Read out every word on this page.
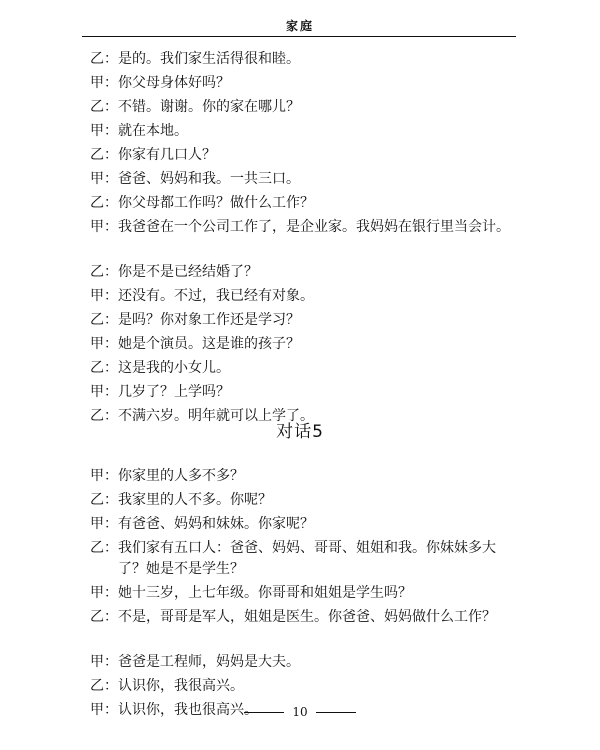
家庭
乙： 是的。我们家生活得很和睦。
甲： 你父母身体好吗？
乙： 不错。谢谢。你的家在哪儿？
甲： 就在本地。
乙： 你家有几口人？
甲： 爸爸、妈妈和我。一共三口。
乙： 你父母都工作吗？做什么工作？
甲： 我爸爸在一个公司工作了，是企业家。我妈妈在银行里当会计。
乙： 你是不是已经结婚了？
甲： 还没有。不过，我已经有对象。
乙： 是吗？你对象工作还是学习？
甲： 她是个演员。这是谁的孩子？
乙： 这是我的小女儿。
甲： 几岁了？上学吗？
乙： 不满六岁。明年就可以上学了。
对话5
甲： 你家里的人多不多？
乙： 我家里的人不多。你呢？
甲： 有爸爸、妈妈和妹妹。你家呢？
乙： 我们家有五口人：爸爸、妈妈、哥哥、姐姐和我。你妹妹多大了？她是不是学生？
甲： 她十三岁，上七年级。你哥哥和姐姐是学生吗？
乙： 不是，哥哥是军人，姐姐是医生。你爸爸、妈妈做什么工作？
甲： 爸爸是工程师，妈妈是大夫。
乙： 认识你，我很高兴。
甲： 认识你，我也很高兴。	10
